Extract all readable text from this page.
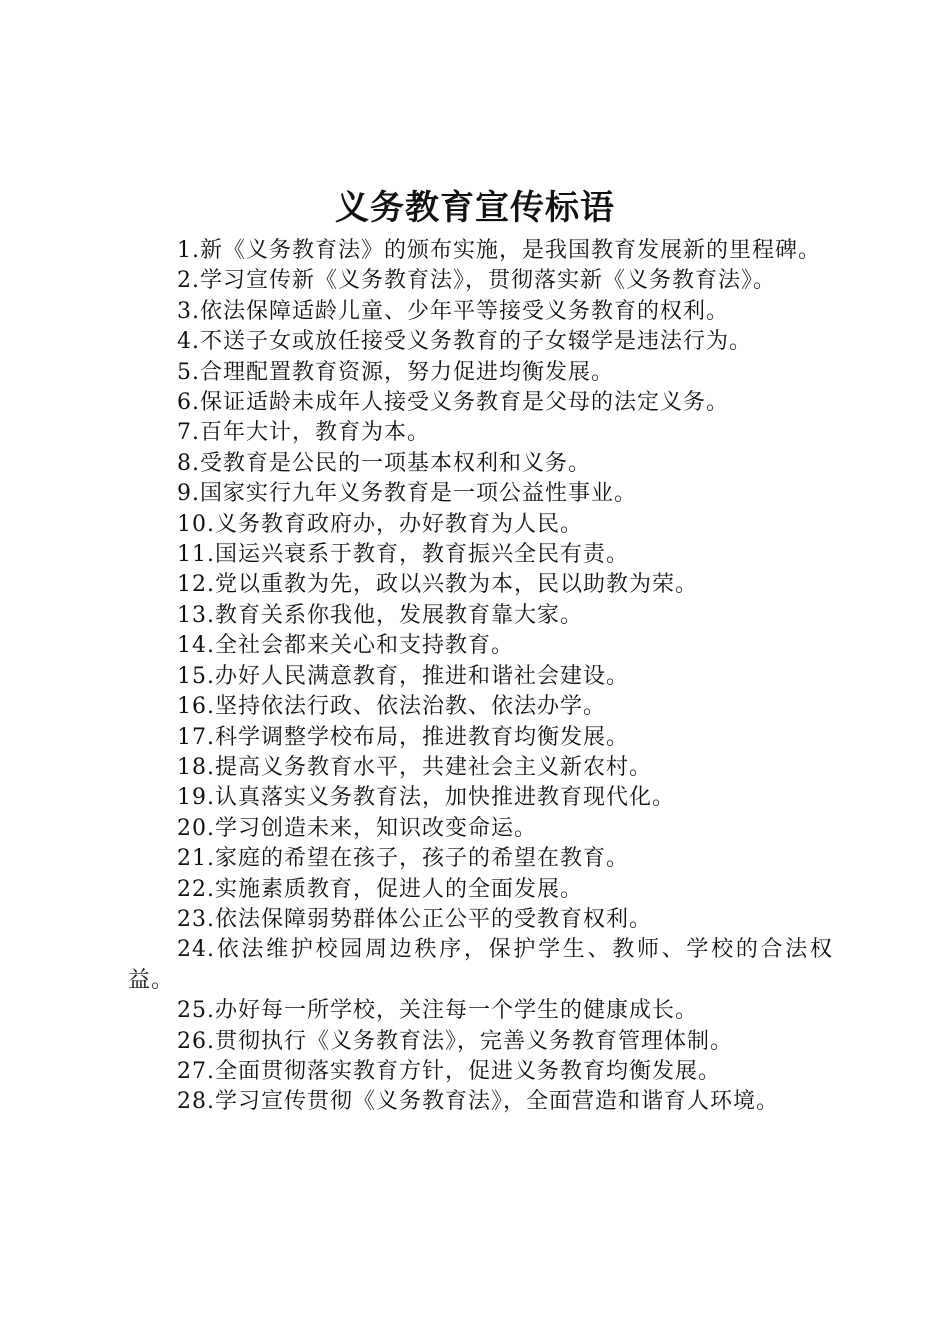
义务教育宣传标语
1.新《义务教育法》的颁布实施，是我国教育发展新的里程碑。
2.学习宣传新《义务教育法》，贯彻落实新《义务教育法》。
3.依法保障适龄儿童、少年平等接受义务教育的权利。
4.不送子女或放任接受义务教育的子女辍学是违法行为。
5.合理配置教育资源，努力促进均衡发展。
6.保证适龄未成年人接受义务教育是父母的法定义务。
7.百年大计，教育为本。
8.受教育是公民的一项基本权利和义务。
9.国家实行九年义务教育是一项公益性事业。
10.义务教育政府办，办好教育为人民。
11.国运兴衰系于教育，教育振兴全民有责。
12.党以重教为先，政以兴教为本，民以助教为荣。
13.教育关系你我他，发展教育靠大家。
14.全社会都来关心和支持教育。
15.办好人民满意教育，推进和谐社会建设。
16.坚持依法行政、依法治教、依法办学。
17.科学调整学校布局，推进教育均衡发展。
18.提高义务教育水平，共建社会主义新农村。
19.认真落实义务教育法，加快推进教育现代化。
20.学习创造未来，知识改变命运。
21.家庭的希望在孩子，孩子的希望在教育。
22.实施素质教育，促进人的全面发展。
23.依法保障弱势群体公正公平的受教育权利。
24.依法维护校园周边秩序，保护学生、教师、学校的合法权益。
25.办好每一所学校，关注每一个学生的健康成长。
26.贯彻执行《义务教育法》，完善义务教育管理体制。
27.全面贯彻落实教育方针，促进义务教育均衡发展。
28.学习宣传贯彻《义务教育法》，全面营造和谐育人环境。
